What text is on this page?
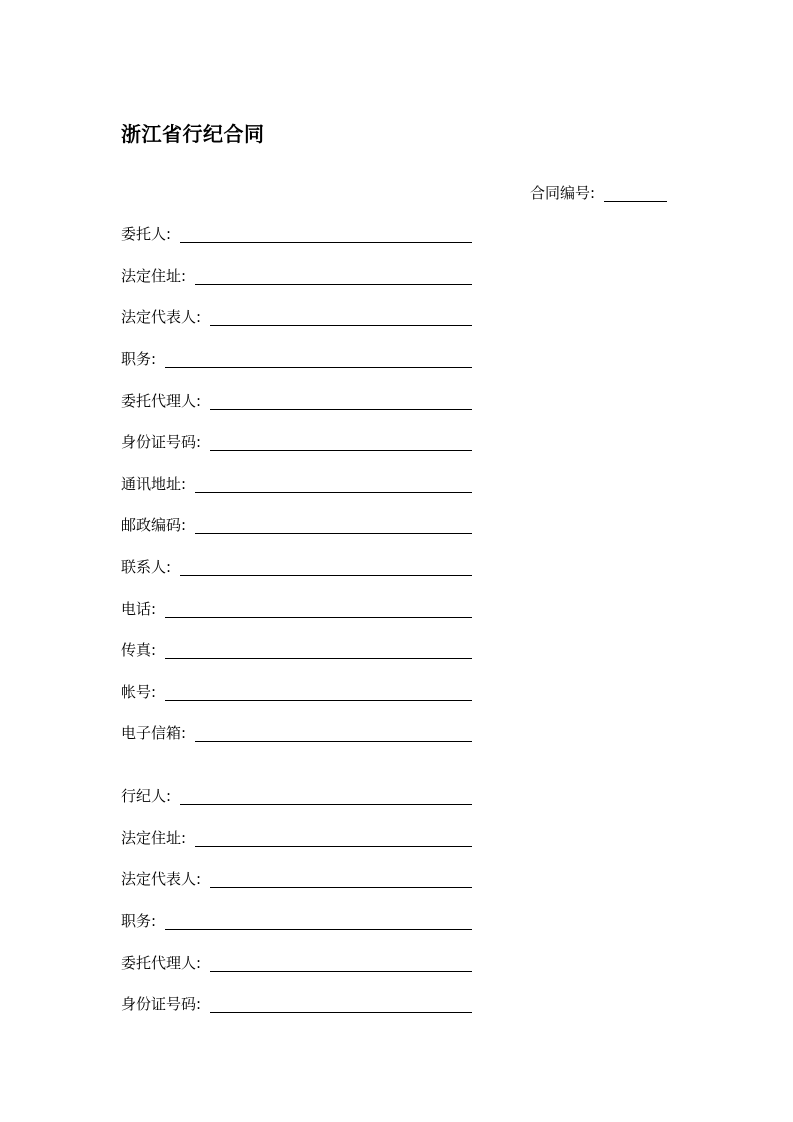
浙江省行纪合同
合同编号 :
委托人 :
法定住址 :
法定代表人 :
职务 :
委托代理人 :
身份证号码 :
通讯地址 :
邮政编码 :
联系人 :
电话 :
传真 :
帐号 :
电子信箱 :
行纪人 :
法定住址 :
法定代表人 :
职务 :
委托代理人 :
身份证号码 :
